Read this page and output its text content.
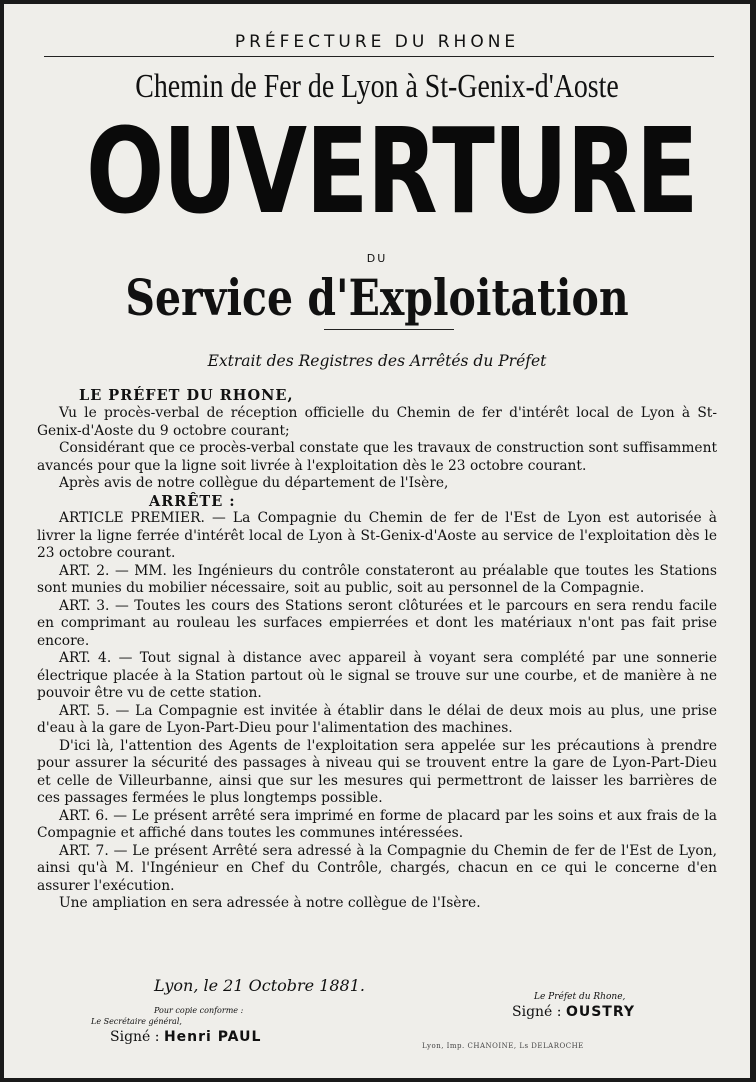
PRÉFECTURE DU RHONE
Chemin de Fer de Lyon à St-Genix-d'Aoste
OUVERTURE
DU
Service d'Exploitation
Extrait des Registres des Arrêtés du Préfet
LE PRÉFET DU RHONE,

Vu le procès-verbal de réception officielle du Chemin de fer d'intérêt local de Lyon à St-Genix-d'Aoste du 9 octobre courant;

Considérant que ce procès-verbal constate que les travaux de construction sont suffisamment avancés pour que la ligne soit livrée à l'exploitation dès le 23 octobre courant.

Après avis de notre collègue du département de l'Isère,

ARRÊTE :

ARTICLE PREMIER. — La Compagnie du Chemin de fer de l'Est de Lyon est autorisée à livrer la ligne ferrée d'intérêt local de Lyon à St-Genix-d'Aoste au service de l'exploitation dès le 23 octobre courant.

ART. 2. — MM. les Ingénieurs du contrôle constateront au préalable que toutes les Stations sont munies du mobilier nécessaire, soit au public, soit au personnel de la Compagnie.

ART. 3. — Toutes les cours des Stations seront clôturées et le parcours en sera rendu facile en comprimant au rouleau les surfaces empierrées et dont les matériaux n'ont pas fait prise encore.

ART. 4. — Tout signal à distance avec appareil à voyant sera complété par une sonnerie électrique placée à la Station partout où le signal se trouve sur une courbe, et de manière à ne pouvoir être vu de cette station.

ART. 5. — La Compagnie est invitée à établir dans le délai de deux mois au plus, une prise d'eau à la gare de Lyon-Part-Dieu pour l'alimentation des machines.

D'ici là, l'attention des Agents de l'exploitation sera appelée sur les précautions à prendre pour assurer la sécurité des passages à niveau qui se trouvent entre la gare de Lyon-Part-Dieu et celle de Villeurbanne, ainsi que sur les mesures qui permettront de laisser les barrières de ces passages fermées le plus longtemps possible.

ART. 6. — Le présent arrêté sera imprimé en forme de placard par les soins et aux frais de la Compagnie et affiché dans toutes les communes intéressées.

ART. 7. — Le présent Arrêté sera adressé à la Compagnie du Chemin de fer de l'Est de Lyon, ainsi qu'à M. l'Ingénieur en Chef du Contrôle, chargés, chacun en ce qui le concerne d'en assurer l'exécution.

Une ampliation en sera adressée à notre collègue de l'Isère.

Lyon, le 21 Octobre 1881.
Pour copie conforme :
Le Secrétaire général,
Signé : Henri PAUL
Le Préfet du Rhone,
Signé : OUSTRY
Lyon, Imp. CHANOINE, Ls DELAROCHE
